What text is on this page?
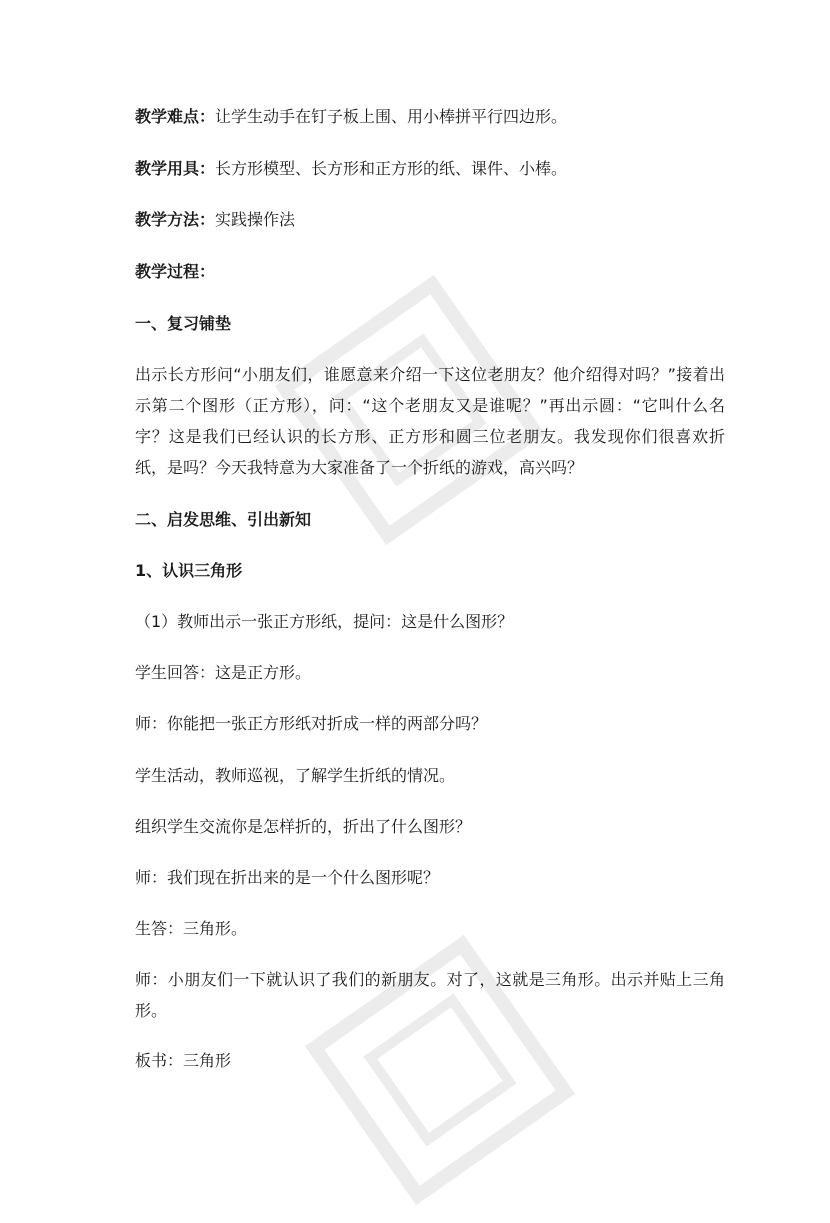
教学难点：让学生动手在钉子板上围、用小棒拼平行四边形。
教学用具：长方形模型、长方形和正方形的纸、课件、小棒。
教学方法：实践操作法
教学过程：
一、复习铺垫
出示长方形问“小朋友们，谁愿意来介绍一下这位老朋友？他介绍得对吗？”接着出示第二个图形（正方形），问：“这个老朋友又是谁呢？”再出示圆：“它叫什么名字？这是我们已经认识的长方形、正方形和圆三位老朋友。我发现你们很喜欢折纸，是吗？今天我特意为大家准备了一个折纸的游戏，高兴吗？
二、启发思维、引出新知
1、认识三角形
（1）教师出示一张正方形纸，提问：这是什么图形？
学生回答：这是正方形。
师：你能把一张正方形纸对折成一样的两部分吗？
学生活动，教师巡视，了解学生折纸的情况。
组织学生交流你是怎样折的，折出了什么图形？
师：我们现在折出来的是一个什么图形呢？
生答：三角形。
师：小朋友们一下就认识了我们的新朋友。对了，这就是三角形。出示并贴上三角形。
板书：三角形
